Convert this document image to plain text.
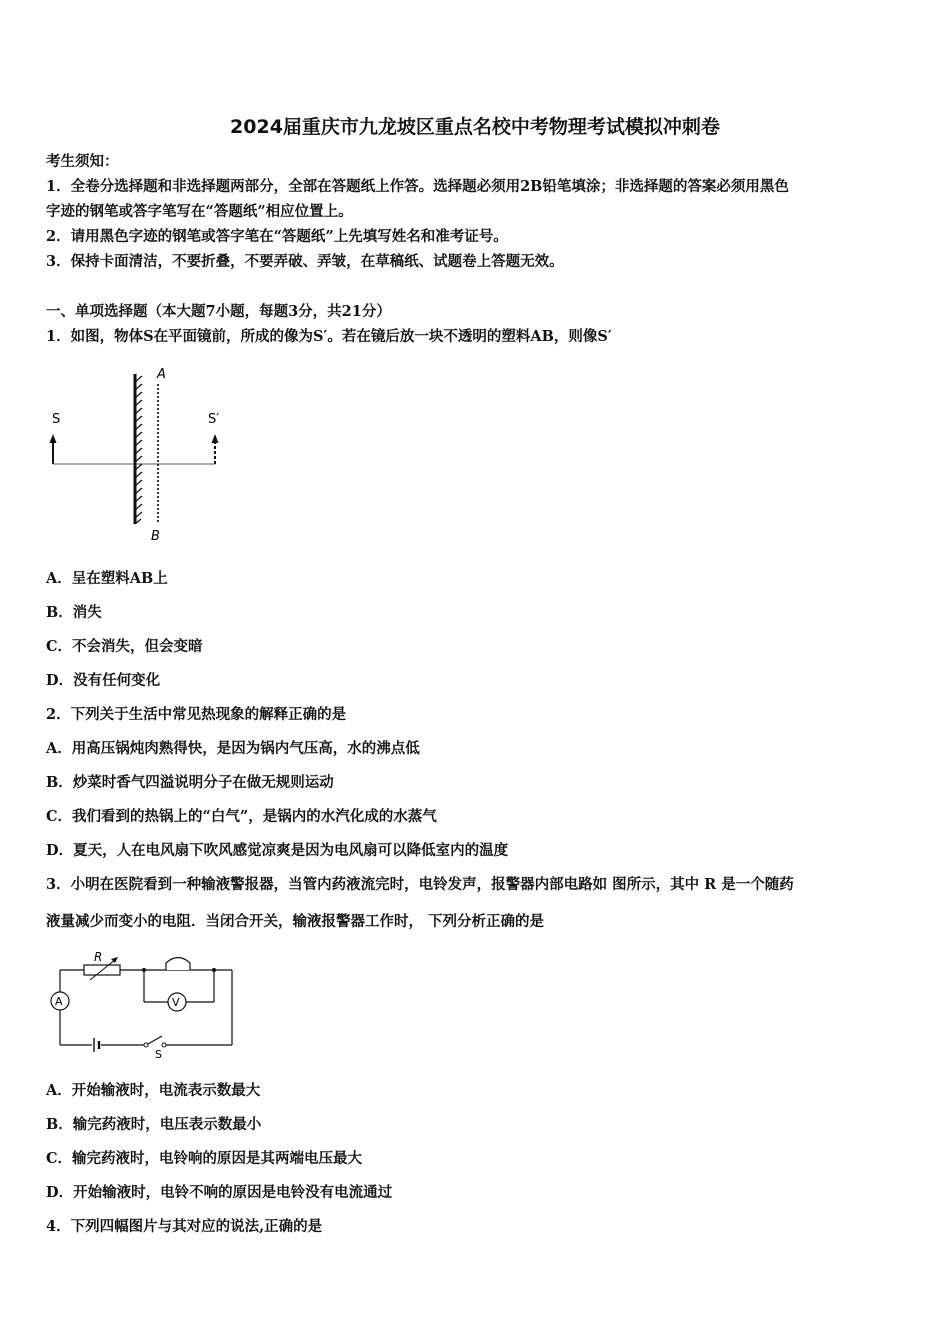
2024届重庆市九龙坡区重点名校中考物理考试模拟冲刺卷
考生须知：
1．全卷分选择题和非选择题两部分，全部在答题纸上作答。选择题必须用2B铅笔填涂；非选择题的答案必须用黑色
字迹的钢笔或答字笔写在“答题纸”相应位置上。
2．请用黑色字迹的钢笔或答字笔在“答题纸”上先填写姓名和准考证号。
3．保持卡面清洁，不要折叠，不要弄破、弄皱，在草稿纸、试题卷上答题无效。
一、单项选择题（本大题7小题，每题3分，共21分）
1．如图，物体S在平面镜前，所成的像为S′。若在镜后放一块不透明的塑料AB，则像S′
A
S	S′
B
A．呈在塑料AB上
B．消失
C．不会消失，但会变暗
D．没有任何变化
2．下列关于生活中常见热现象的解释正确的是
A．用高压锅炖肉熟得快，是因为锅内气压高，水的沸点低
B．炒菜时香气四溢说明分子在做无规则运动
C．我们看到的热锅上的“白气”，是锅内的水汽化成的水蒸气
D．夏天，人在电风扇下吹风感觉凉爽是因为电风扇可以降低室内的温度
3．小明在医院看到一种输液警报器，当管内药液流完时，电铃发声，报警器内部电路如 图所示，其中 R 是一个随药
液量减少而变小的电阻．当闭合开关，输液报警器工作时， 下列分析正确的是
S
A
R
V
A．开始输液时，电流表示数最大
B．输完药液时，电压表示数最小
C．输完药液时，电铃响的原因是其两端电压最大
D．开始输液时，电铃不响的原因是电铃没有电流通过
4．下列四幅图片与其对应的说法,正确的是
